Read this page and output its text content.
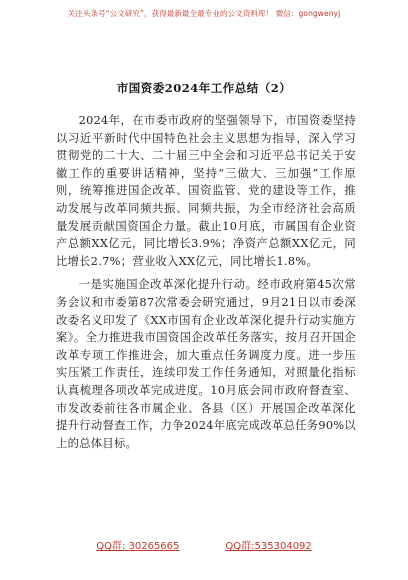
关注头条号“公文研究”，获得最新最全最专业的公文资料库！ 微信：gongwenyj
市国资委2024年工作总结（2）

2024年，在市委市政府的坚强领导下，市国资委坚持以习近平新时代中国特色社会主义思想为指导，深入学习贯彻党的二十大、二十届三中全会和习近平总书记关于安徽工作的重要讲话精神，坚持“三做大、三加强”工作原则，统筹推进国企改革、国资监管、党的建设等工作，推动发展与改革同频共振、同频共振，为全市经济社会高质量发展贡献国资国企力量。截止10月底，市属国有企业资产总额XX亿元，同比增长3.9%；净资产总额XX亿元，同比增长2.7%；营业收入XX亿元，同比增长1.8%。

一是实施国企改革深化提升行动。经市政府第45次常务会议和市委第87次常委会研究通过，9月21日以市委深改委名义印发了《XX市国有企业改革深化提升行动实施方案》。全力推进我市国资国企改革任务落实，按月召开国企改革专项工作推进会，加大重点任务调度力度。进一步压实压紧工作责任，连续印发工作任务通知，对照量化指标认真梳理各项改革完成进度。10月底会同市政府督查室、市发改委前往各市属企业、各县（区）开展国企改革深化提升行动督查工作，力争2024年底完成改革总任务90%以上的总体目标。

QQ群: 30265665	QQ群:535304092
